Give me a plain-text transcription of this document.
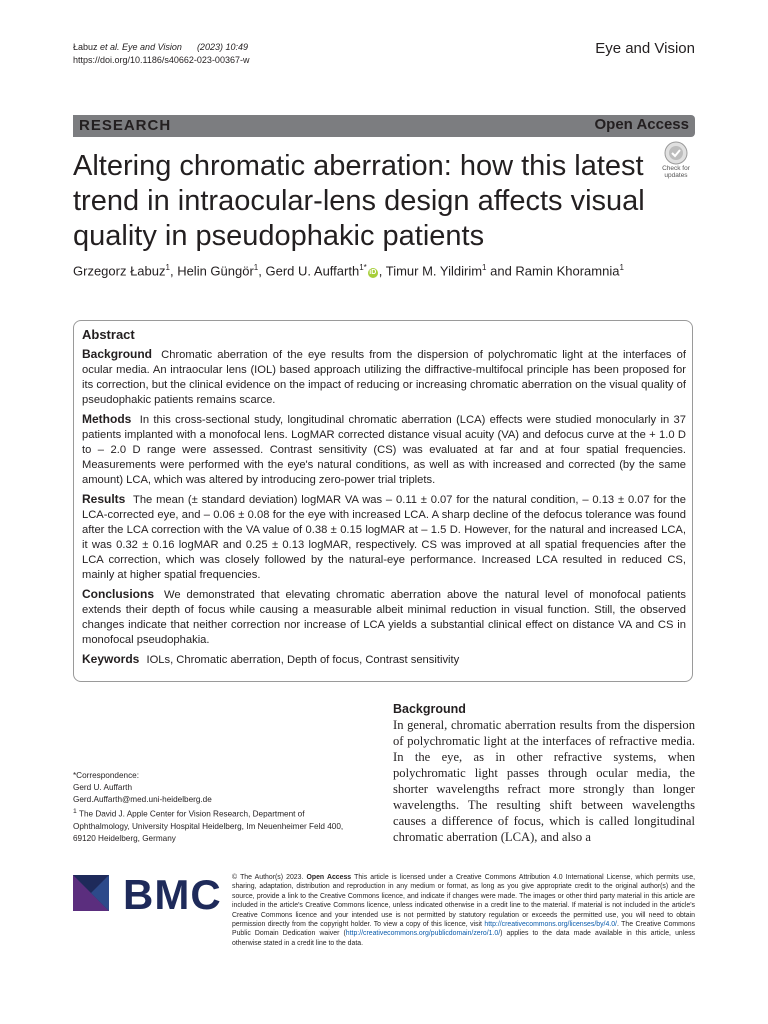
Łabuz et al. Eye and Vision (2023) 10:49
https://doi.org/10.1186/s40662-023-00367-w
Eye and Vision
RESEARCH	Open Access
Check for
updates
Altering chromatic aberration: how this latest trend in intraocular-lens design affects visual quality in pseudophakic patients
Grzegorz Łabuz$^1$, Helin Güngör$^1$, Gerd U. Auffarth$^{1*}$iD , Timur M. Yildirim$^1$ and Ramin Khoramnia$^1$
Abstract

Background Chromatic aberration of the eye results from the dispersion of polychromatic light at the interfaces of ocular media. An intraocular lens (IOL) based approach utilizing the diffractive-multifocal principle has been proposed for its correction, but the clinical evidence on the impact of reducing or increasing chromatic aberration on the visual quality of pseudophakic patients remains scarce.

Methods In this cross-sectional study, longitudinal chromatic aberration (LCA) effects were studied monocularly in 37 patients implanted with a monofocal lens. LogMAR corrected distance visual acuity (VA) and defocus curve at the + 1.0 D to – 2.0 D range were assessed. Contrast sensitivity (CS) was evaluated at far and at four spatial frequencies. Measurements were performed with the eye's natural conditions, as well as with increased and corrected (by the same amount) LCA, which was altered by introducing zero-power trial triplets.

Results The mean (± standard deviation) logMAR VA was – 0.11 ± 0.07 for the natural condition, – 0.13 ± 0.07 for the LCA-corrected eye, and – 0.06 ± 0.08 for the eye with increased LCA. A sharp decline of the defocus tolerance was found after the LCA correction with the VA value of 0.38 ± 0.15 logMAR at – 1.5 D. However, for the natural and increased LCA, it was 0.32 ± 0.16 logMAR and 0.25 ± 0.13 logMAR, respectively. CS was improved at all spatial frequencies after the LCA correction, which was closely followed by the natural-eye performance. Increased LCA resulted in reduced CS, mainly at higher spatial frequencies.

Conclusions We demonstrated that elevating chromatic aberration above the natural level of monofocal patients extends their depth of focus while causing a measurable albeit minimal reduction in visual function. Still, the observed changes indicate that neither correction nor increase of LCA yields a substantial clinical effect on distance VA and CS in monofocal pseudophakia.

Keywords IOLs, Chromatic aberration, Depth of focus, Contrast sensitivity

*Correspondence:
Gerd U. Auffarth
Gerd.Auffarth@med.uni-heidelberg.de
$^1$ The David J. Apple Center for Vision Research, Department of Ophthalmology, University Hospital Heidelberg, Im Neuenheimer Feld 400, 69120 Heidelberg, Germany
Background
In general, chromatic aberration results from the dispersion of polychromatic light at the interfaces of refractive media. In the eye, as in other refractive systems, when polychromatic light passes through ocular media, the shorter wavelengths refract more strongly than longer wavelengths. The resulting shift between wavelengths causes a difference of focus, which is called longitudinal chromatic aberration (LCA), and also a
BMC © The Author(s) 2023. Open Access This article is licensed under a Creative Commons Attribution 4.0 International License, which permits use, sharing, adaptation, distribution and reproduction in any medium or format, as long as you give appropriate credit to the original author(s) and the source, provide a link to the Creative Commons licence, and indicate if changes were made. The images or other third party material in this article are included in the article's Creative Commons licence, unless indicated otherwise in a credit line to the material. If material is not included in the article's Creative Commons licence and your intended use is not permitted by statutory regulation or exceeds the permitted use, you will need to obtain permission directly from the copyright holder. To view a copy of this licence, visit http://creativecommons.org/licenses/by/4.0/. The Creative Commons Public Domain Dedication waiver (http://creativecommons.org/publicdomain/zero/1.0/) applies to the data made available in this article, unless otherwise stated in a credit line to the data.
